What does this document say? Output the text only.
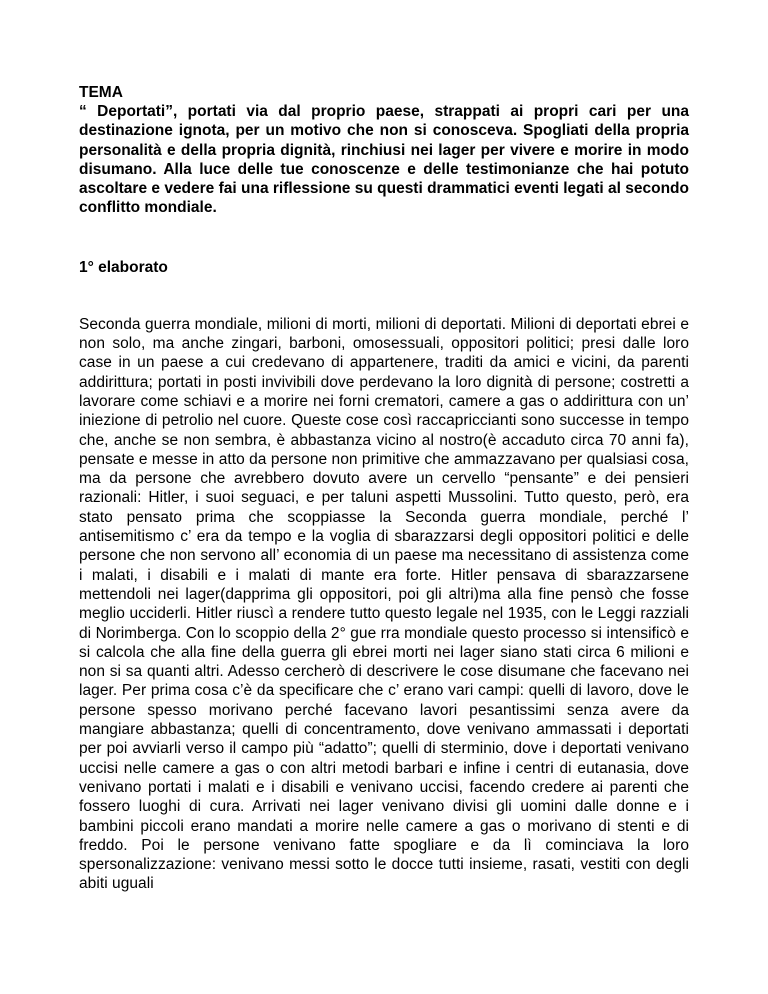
TEMA

“ Deportati”, portati via dal proprio paese, strappati ai propri cari per una destinazione ignota, per un motivo che non si conosceva. Spogliati della propria personalità e della propria dignità, rinchiusi nei lager per vivere e morire in modo disumano. Alla luce delle tue conoscenze e delle testimonianze che hai potuto ascoltare e vedere fai una riflessione su questi drammatici eventi legati al secondo conflitto mondiale.

1° elaborato

Seconda guerra mondiale, milioni di morti, milioni di deportati. Milioni di deportati ebrei e non solo, ma anche zingari, barboni, omosessuali, oppositori politici; presi dalle loro case in un paese a cui credevano di appartenere, traditi da amici e vicini, da parenti addirittura; portati in posti invivibili dove perdevano la loro dignità di persone; costretti a lavorare come schiavi e a morire nei forni crematori, camere a gas o addirittura con un’ iniezione di petrolio nel cuore. Queste cose così raccapriccianti sono successe in tempo che, anche se non sembra, è abbastanza vicino al nostro(è accaduto circa 70 anni fa), pensate e messe in atto da persone non primitive che ammazzavano per qualsiasi cosa, ma da persone che avrebbero dovuto avere un cervello “pensante” e dei pensieri razionali: Hitler, i suoi seguaci, e per taluni aspetti Mussolini. Tutto questo, però, era stato pensato prima che scoppiasse la Seconda guerra mondiale, perché l’ antisemitismo c’ era da tempo e la voglia di sbarazzarsi degli oppositori politici e delle persone che non servono all’ economia di un paese ma necessitano di assistenza come i malati, i disabili e i malati di mante era forte. Hitler pensava di sbarazzarsene mettendoli nei lager(dapprima gli oppositori, poi gli altri)ma alla fine pensò che fosse meglio ucciderli. Hitler riuscì a rendere tutto questo legale nel 1935, con le Leggi razziali di Norimberga. Con lo scoppio della 2° gue rra mondiale questo processo si intensificò e si calcola che alla fine della guerra gli ebrei morti nei lager siano stati circa 6 milioni e non si sa quanti altri. Adesso cercherò di descrivere le cose disumane che facevano nei lager. Per prima cosa c’è da specificare che c’ erano vari campi: quelli di lavoro, dove le persone spesso morivano perché facevano lavori pesantissimi senza avere da mangiare abbastanza; quelli di concentramento, dove venivano ammassati i deportati per poi avviarli verso il campo più “adatto”; quelli di sterminio, dove i deportati venivano uccisi nelle camere a gas o con altri metodi barbari e infine i centri di eutanasia, dove venivano portati i malati e i disabili e venivano uccisi, facendo credere ai parenti che fossero luoghi di cura. Arrivati nei lager venivano divisi gli uomini dalle donne e i bambini piccoli erano mandati a morire nelle camere a gas o morivano di stenti e di freddo. Poi le persone venivano fatte spogliare e da lì cominciava la loro spersonalizzazione: venivano messi sotto le docce tutti insieme, rasati, vestiti con degli abiti uguali
